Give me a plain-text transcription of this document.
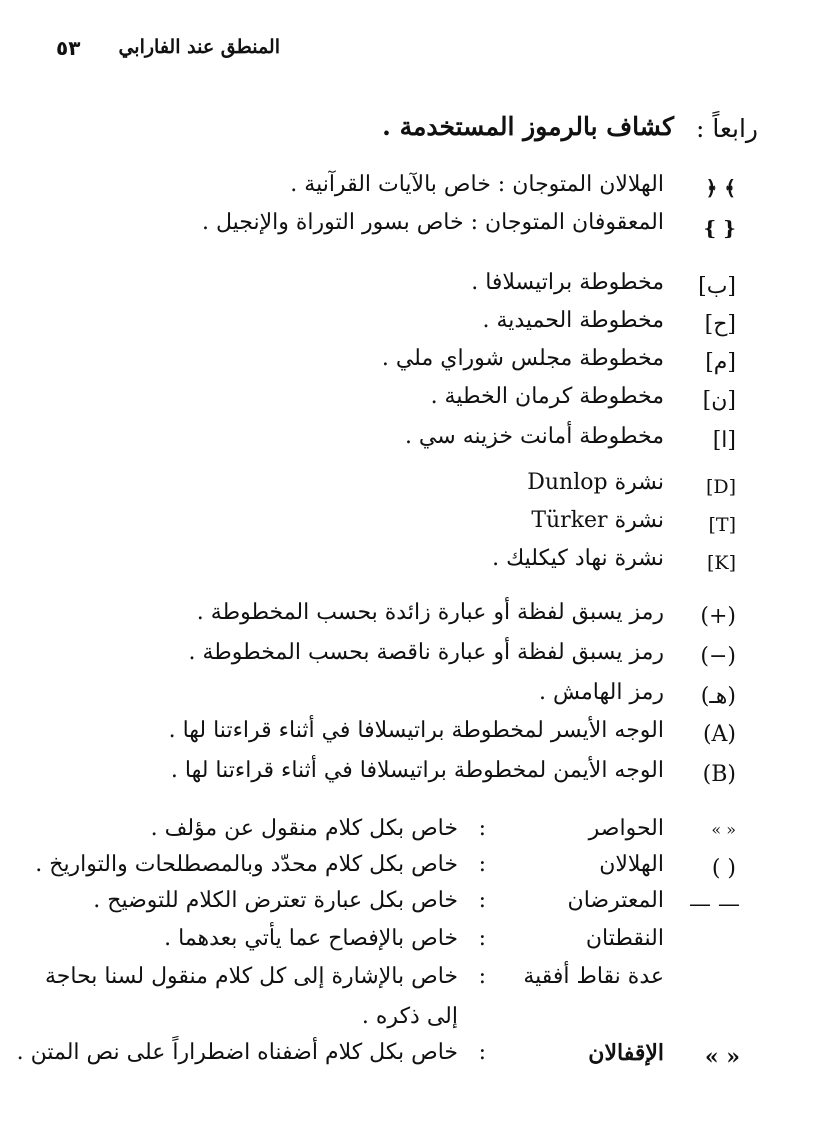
المنطق عند الفارابي
٥٣
رابعاً :
كشاف بالرموز المستخدمة .
﴿ ﴾
الهلالان المتوجان : خاص بالآيات القرآنية .
{ }
المعقوفان المتوجان : خاص بسور التوراة والإنجيل .
[ب]
مخطوطة براتيسلافا .
[ح]
مخطوطة الحميدية .
[م]
مخطوطة مجلس شوراي ملي .
[ن]
مخطوطة كرمان الخطية .
[ا]
مخطوطة أمانت خزينه سي .
[D]
نشرة Dunlop
[T]
نشرة Türker
[K]
نشرة نهاد كيكليك .
(+)
رمز يسبق لفظة أو عبارة زائدة بحسب المخطوطة .
(−)
رمز يسبق لفظة أو عبارة ناقصة بحسب المخطوطة .
(هـ)
رمز الهامش .
(A)
الوجه الأيسر لمخطوطة براتيسلافا في أثناء قراءتنا لها .
(B)
الوجه الأيمن لمخطوطة براتيسلافا في أثناء قراءتنا لها .
« »
الحواصر
:
خاص بكل كلام منقول عن مؤلف .
( )
الهلالان
:
خاص بكل كلام محدّد وبالمصطلحات والتواريخ .
— —
المعترضان
:
خاص بكل عبارة تعترض الكلام للتوضيح .
النقطتان
:
خاص بالإفصاح عما يأتي بعدهما .
عدة نقاط أفقية
:
خاص بالإشارة إلى كل كلام منقول لسنا بحاجة
إلى ذكره .
« »
الإقفالان
:
خاص بكل كلام أضفناه اضطراراً على نص المتن .
